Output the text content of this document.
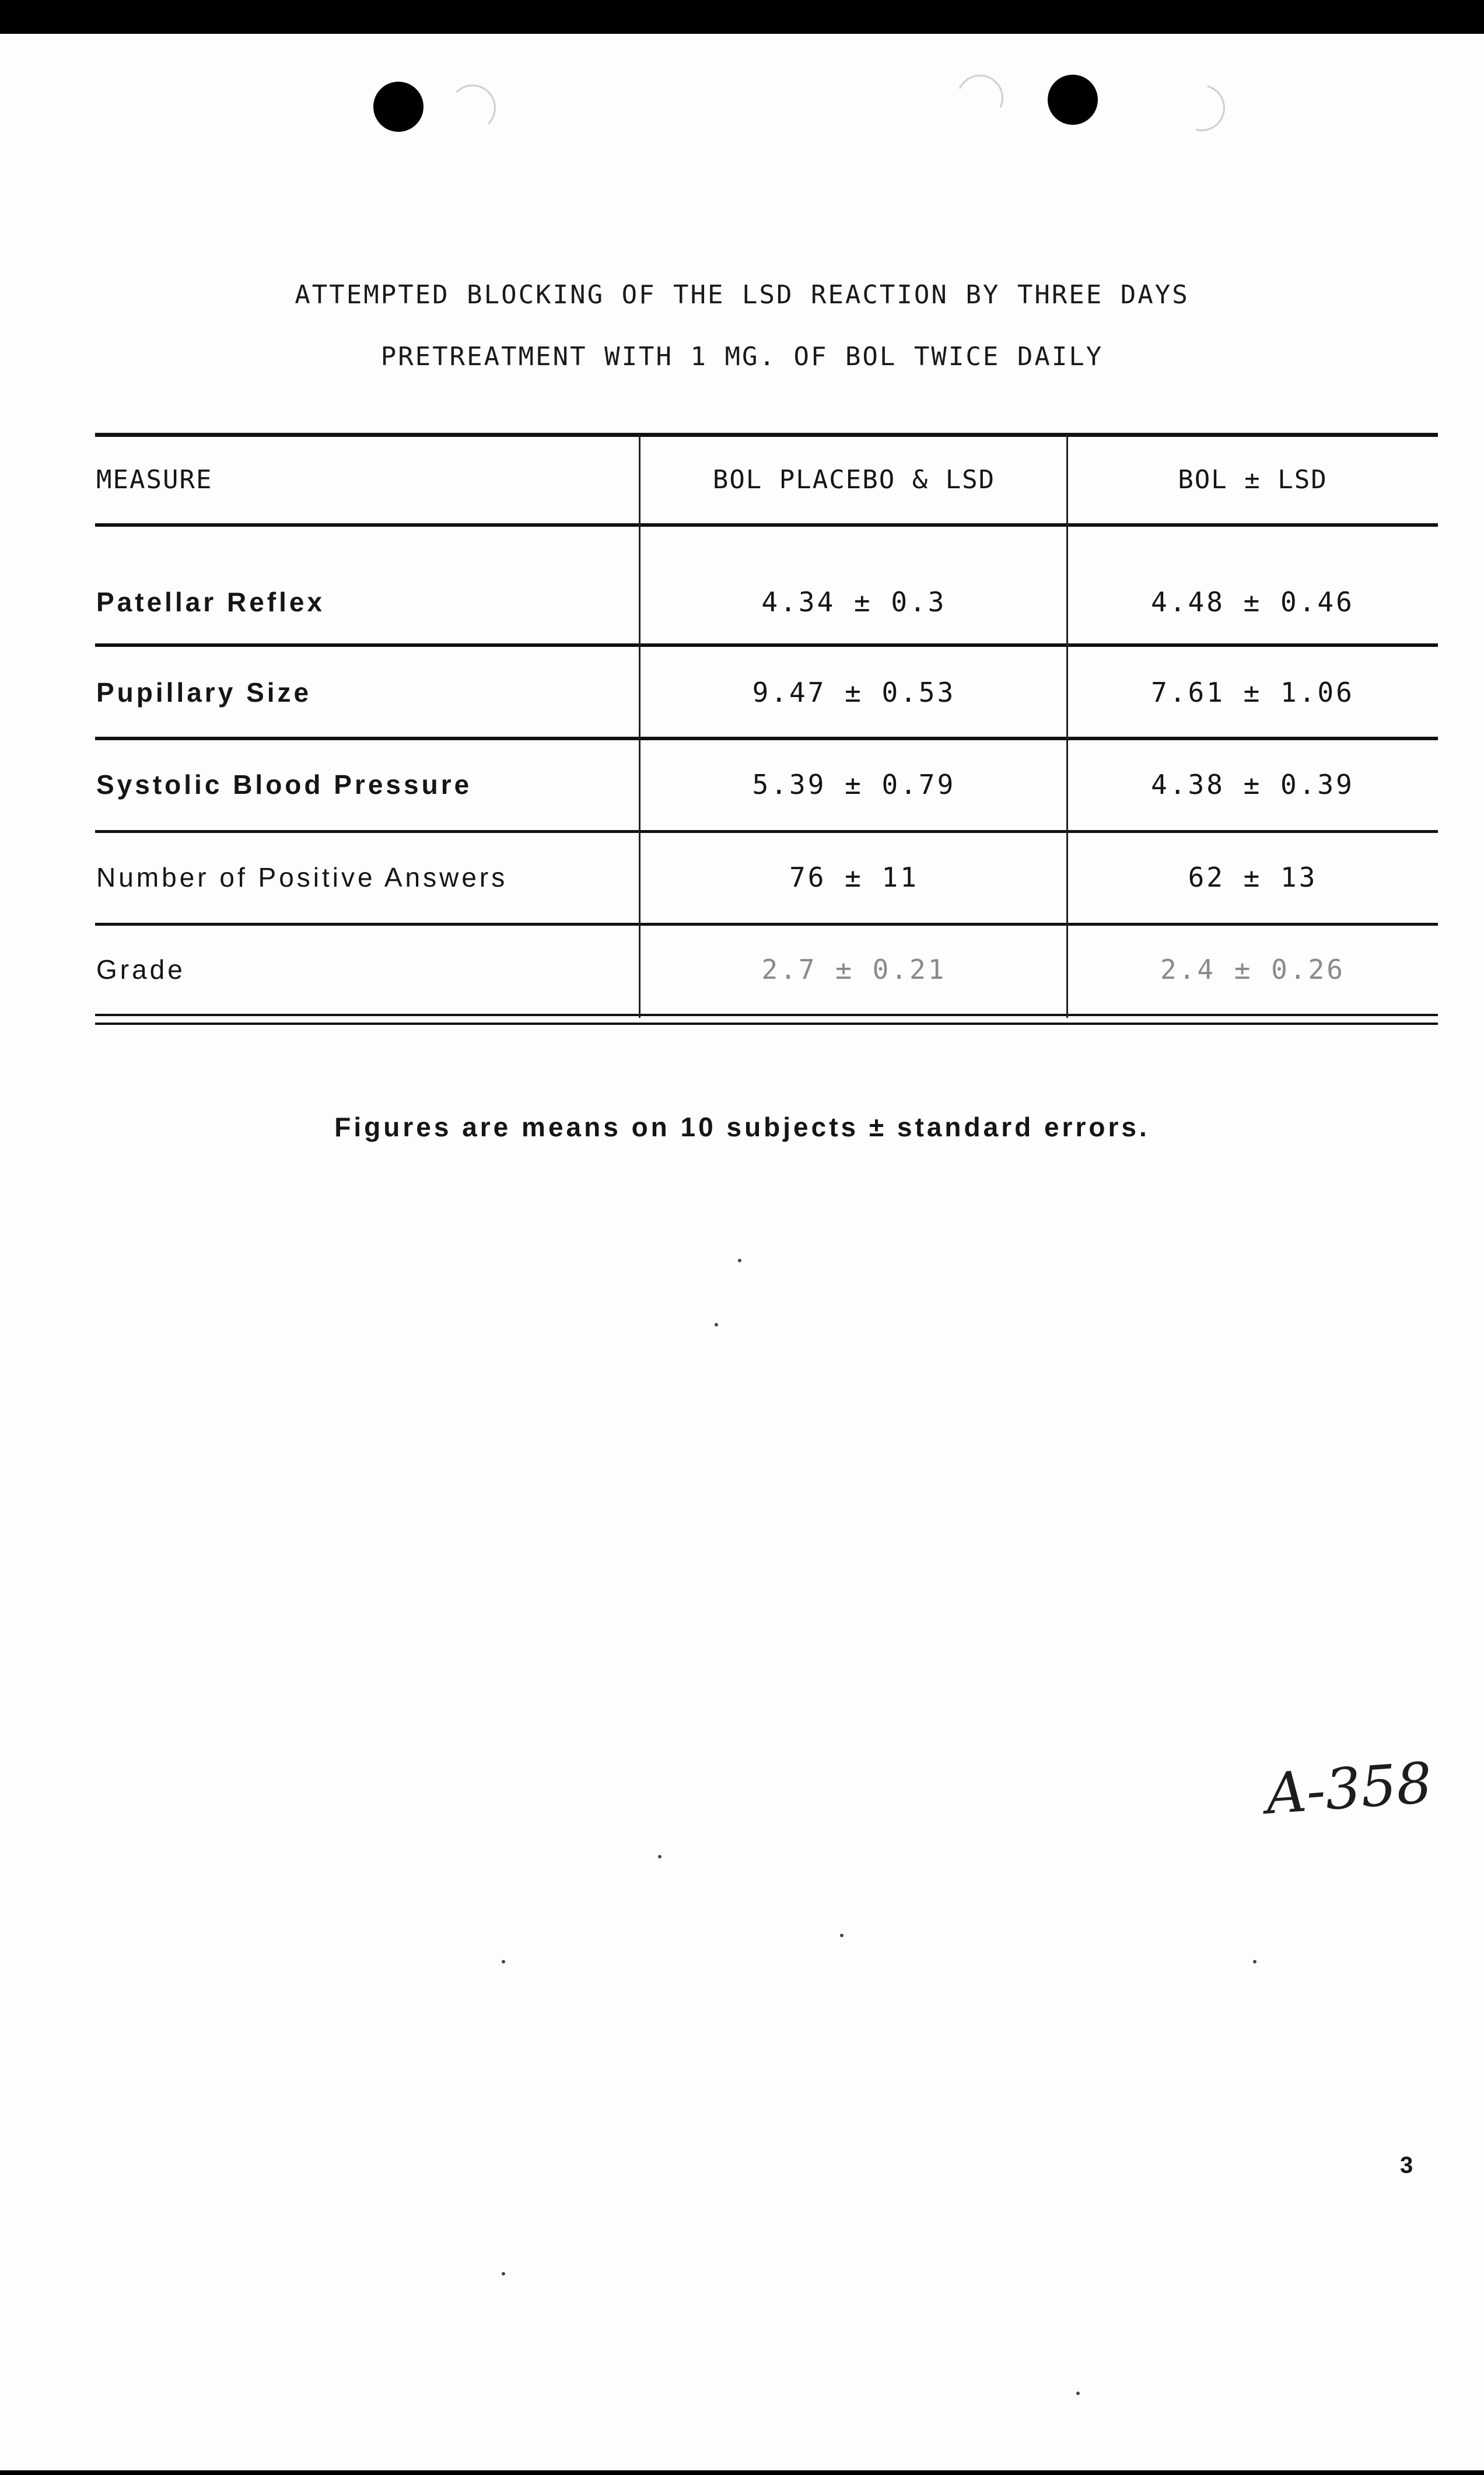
ATTEMPTED BLOCKING OF THE LSD REACTION BY THREE DAYS
PRETREATMENT WITH 1 MG. OF BOL TWICE DAILY
MEASURE	BOL PLACEBO & LSD	BOL ± LSD
Patellar Reflex	4.34 ± 0.3	4.48 ± 0.46
Pupillary Size	9.47 ± 0.53	7.61 ± 1.06
Systolic Blood Pressure	5.39 ± 0.79	4.38 ± 0.39
Number of Positive Answers	76 ± 11	62 ± 13
Grade	2.7 ± 0.21	2.4 ± 0.26
Figures are means on 10 subjects ± standard errors.
A-358
3
